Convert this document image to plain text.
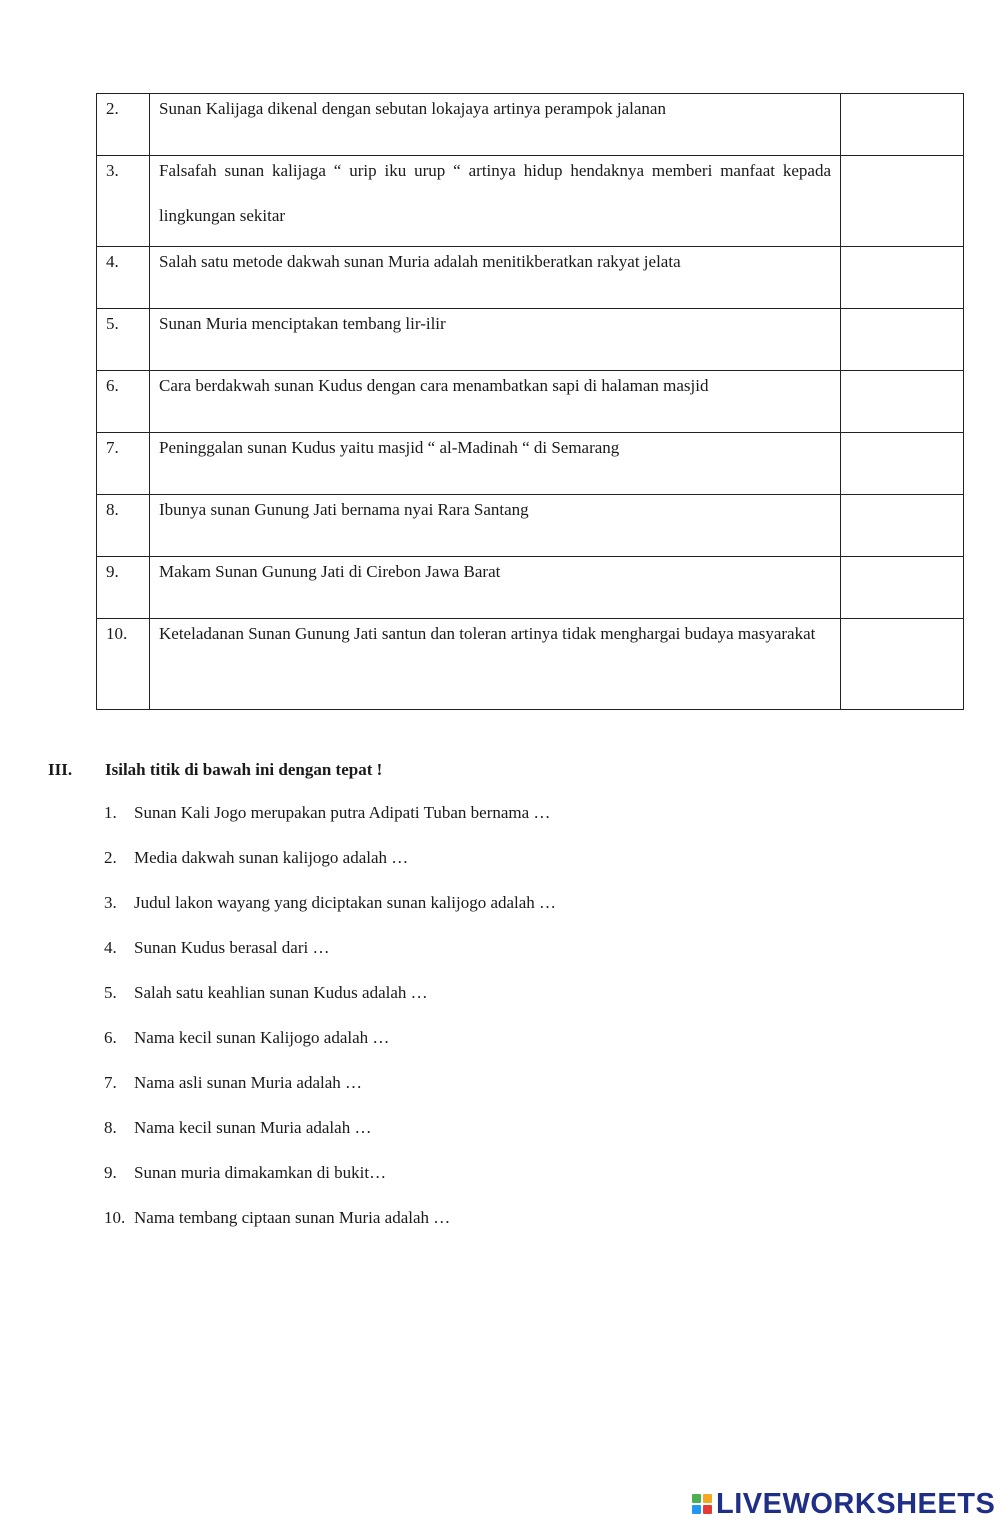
2.	Sunan Kalijaga dikenal dengan sebutan lokajaya artinya perampok jalanan	

3.	Falsafah sunan kalijaga “ urip iku urup “ artinya hidup hendaknya memberi manfaat kepada lingkungan sekitar	

4.	Salah satu metode dakwah sunan Muria adalah menitikberatkan rakyat jelata	

5.	Sunan Muria menciptakan tembang lir-ilir	

6.	Cara berdakwah sunan Kudus dengan cara menambatkan sapi di halaman masjid	

7.	Peninggalan sunan Kudus yaitu masjid “ al-Madinah “ di Semarang	

8.	Ibunya sunan Gunung Jati bernama nyai Rara Santang	

9.	Makam Sunan Gunung Jati di Cirebon Jawa Barat	

10.	Keteladanan Sunan Gunung Jati santun dan toleran artinya tidak menghargai budaya masyarakat	

III.	Isilah titik di bawah ini dengan tepat !
1.	Sunan Kali Jogo merupakan putra Adipati Tuban bernama …
2.	Media dakwah sunan kalijogo adalah …
3.	Judul lakon wayang yang diciptakan sunan kalijogo adalah …
4.	Sunan Kudus berasal dari …
5.	Salah satu keahlian sunan Kudus adalah …
6.	Nama kecil sunan Kalijogo adalah …
7.	Nama asli sunan Muria adalah …
8.	Nama kecil sunan Muria adalah …
9.	Sunan muria dimakamkan di bukit…
10. Nama tembang ciptaan sunan Muria adalah …
LIVEWORKSHEETS
